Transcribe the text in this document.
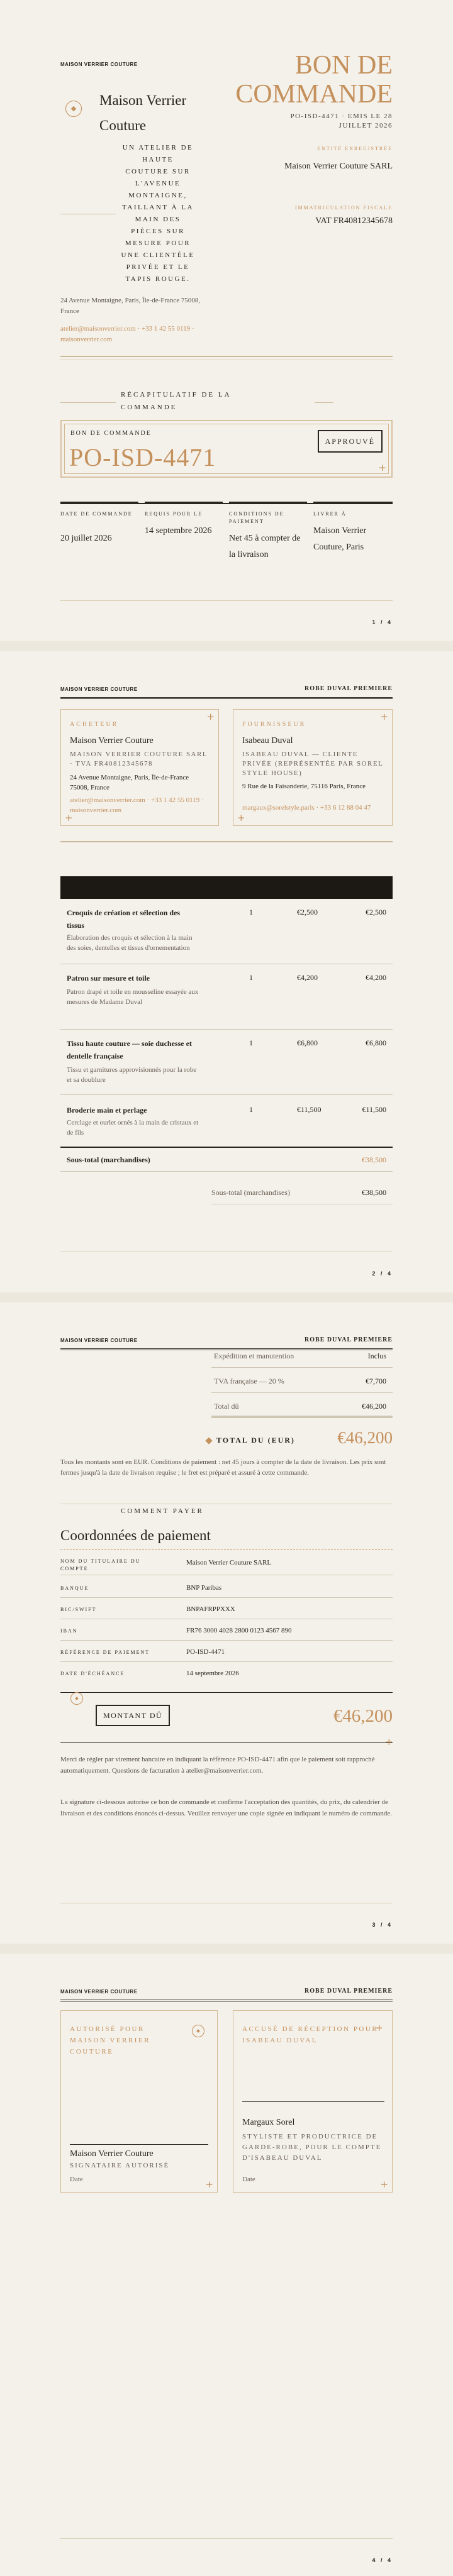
MAISON VERRIER COUTURE
Maison Verrier Couture
UN ATELIER DE HAUTE COUTURE SUR L'AVENUE MONTAIGNE, TAILLANT À LA MAIN DES PIÈCES SUR MESURE POUR UNE CLIENTÈLE PRIVÉE ET LE TAPIS ROUGE.
24 Avenue Montaigne, Paris, Île-de-France 75008, France
atelier@maisonverrier.com · +33 1 42 55 0119 · maisonverrier.com
BON DE
COMMANDE
PO-ISD-4471 · EMIS LE 28 JUILLET 2026
ENTITÉ ENREGISTRÉE
Maison Verrier Couture SARL
IMMATRICULATION FISCALE
VAT FR40812345678
RÉCAPITULATIF DE LA COMMANDE
BON DE COMMANDE
PO-ISD-4471
APPROUVÉ
+
DATE DE COMMANDE
20 juillet 2026
REQUIS POUR LE
14 septembre 2026
CONDITIONS DE PAIEMENT
Net 45 à compter de la livraison
LIVRER À
Maison Verrier Couture, Paris
1 / 4
MAISON VERRIER COUTURE	ROBE DUVAL PREMIERE
+
+
ACHETEUR
Maison Verrier Couture
MAISON VERRIER COUTURE SARL · TVA FR40812345678
24 Avenue Montaigne, Paris, Île-de-France 75008, France
atelier@maisonverrier.com · +33 1 42 55 0119 · maisonverrier.com
+
+
FOURNISSEUR
Isabeau Duval
ISABEAU DUVAL — CLIENTE PRIVÉE (REPRÉSENTÉE PAR SOREL STYLE HOUSE)
9 Rue de la Faisanderie, 75116 Paris, France
margaux@sorelstyle.paris · +33 6 12 88 04 47
Croquis de création et sélection des tissus
Élaboration des croquis et sélection à la main des soies, dentelles et tissus d'ornementation
1	€2,500	€2,500
Patron sur mesure et toile
Patron drapé et toile en mousseline essayée aux mesures de Madame Duval
1	€4,200	€4,200
Tissu haute couture — soie duchesse et dentelle française
Tissu et garnitures approvisionnés pour la robe et sa doublure
1	€6,800	€6,800
Broderie main et perlage
Cerclage et ourlet ornés à la main de cristaux et de fils
1	€11,500	€11,500
Sous-total (marchandises)	€38,500
Sous-total (marchandises)	€38,500
2 / 4
MAISON VERRIER COUTURE	ROBE DUVAL PREMIERE
Expédition et manutention	Inclus
TVA française — 20 %	€7,700
Total dû	€46,200
TOTAL DU (EUR) €46,200
Tous les montants sont en EUR. Conditions de paiement : net 45 jours à compter de la date de livraison. Les prix sont fermes jusqu'à la date de livraison requise ; le fret est préparé et assuré à cette commande.
COMMENT PAYER
Coordonnées de paiement
NOM DU TITULAIRE DU COMPTE
Maison Verrier Couture SARL
BANQUE	BNP Paribas
BIC/SWIFT	BNPAFRPPXXX
IBAN	FR76 3000 4028 2800 0123 4567 890
RÉFÉRENCE DE PAIEMENT	PO-ISD-4471
DATE D'ÉCHÉANCE	14 septembre 2026
MONTANT DÛ	€46,200
+
Merci de régler par virement bancaire en indiquant la référence PO-ISD-4471 afin que le paiement soit rapproché automatiquement. Questions de facturation à atelier@maisonverrier.com.
La signature ci-dessous autorise ce bon de commande et confirme l'acceptation des quantités, du prix, du calendrier de livraison et des conditions énoncés ci-dessus. Veuillez renvoyer une copie signée en indiquant le numéro de commande.
3 / 4
MAISON VERRIER COUTURE	ROBE DUVAL PREMIERE
AUTORISÉ POUR MAISON VERRIER COUTURE
Maison Verrier Couture
SIGNATAIRE AUTORISÉ
Date	+
ACCUSÉ DE RÉCEPTION POUR ISABEAU DUVAL
+
Margaux Sorel
STYLISTE ET PRODUCTRICE DE GARDE-ROBE, POUR LE COMPTE D'ISABEAU DUVAL
Date	+
4 / 4
